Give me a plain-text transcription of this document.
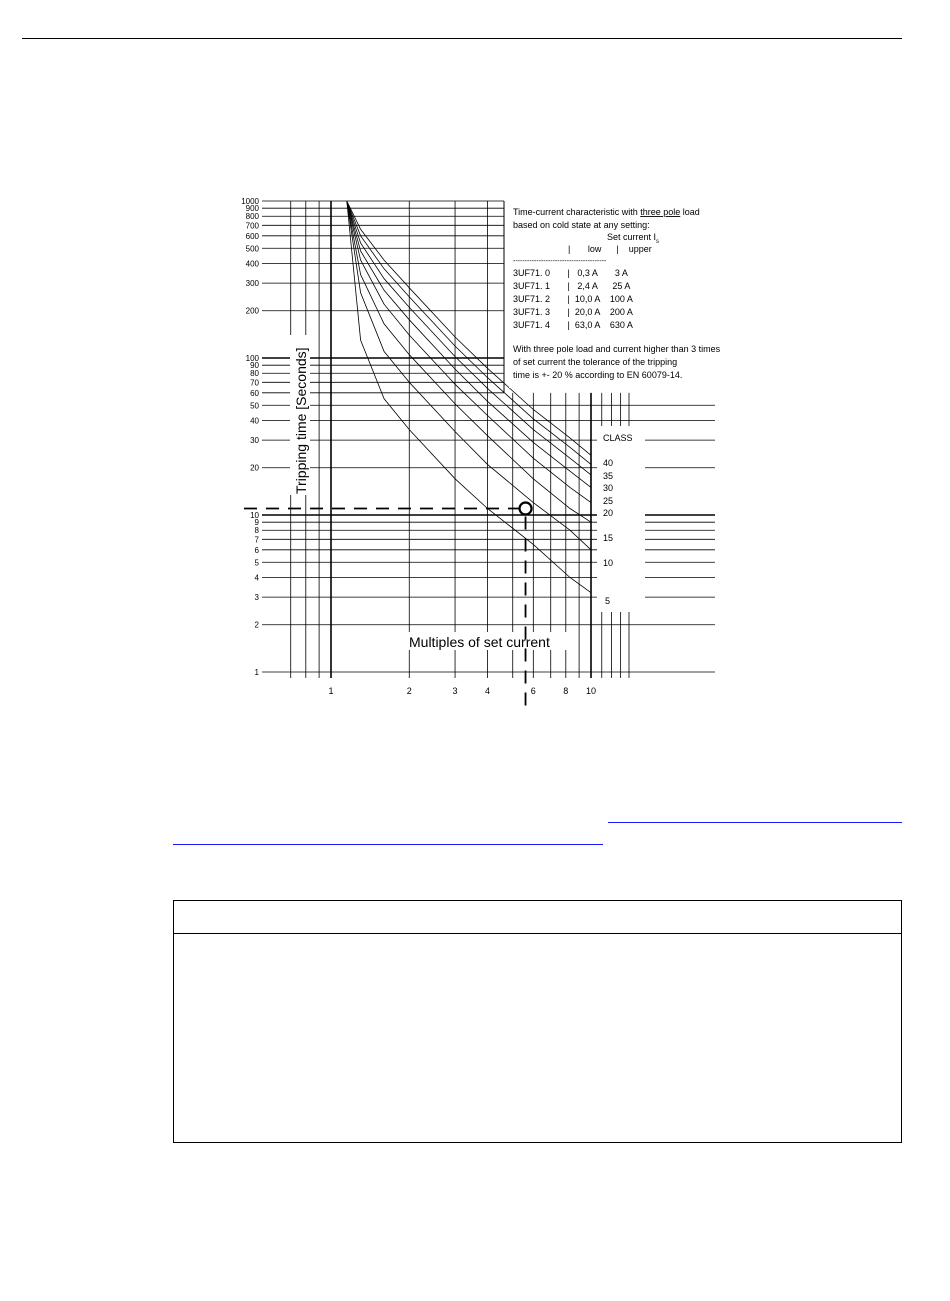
1	2	3	4	6	8 10
1000
900
800
700
600
500
400
300
200
100
90
80
70
60
50
40
30
20
10
9
8
7
6
5
4
3
2
1
Tripping time [Seconds]
Multiples of set current
Time-current characteristic with three pole load
based on cold state at any setting:
Set current $I_s$
|       low      |    upper
----------------------------------------
3UF71. 0       |   0,3 A       3 A
3UF71. 1       |   2,4 A      25 A
3UF71. 2       |  10,0 A    100 A
3UF71. 3       |  20,0 A    200 A
3UF71. 4       |  63,0 A    630 A
With three pole load and current higher than 3 times
of set current the tolerance of the tripping
time is +- 20 % according to EN 60079-14.
CLASS
40
35
30
25
20
15
10
5
